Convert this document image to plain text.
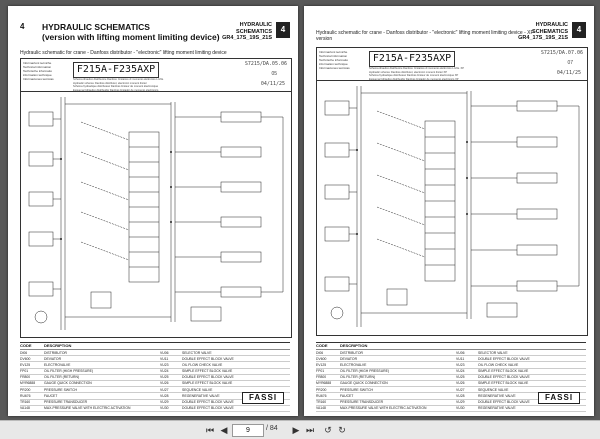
4 HYDRAULIC SCHEMATICS
(version with lifting moment limiting device)
HYDRAULIC
SCHEMATICS
GR4_17S_19S_21S
4
Hydraulic schematic for crane - Danfoss distributor - "electronic" lifting moment limiting device
Informazioni tecniche
Technical information
Technische informatio
information technique
Informaciones tecnicas
F215A-F235AXP
Schema idraulico distributore Danfoss: limitatore di momento elettronico L.M.E.
Hydraulic schema: Danfoss distributor, electronic moment limiter
Schéma hydraulique distributeur Danfoss limiteur de moment électronique
Esquema hidráulico distribuidor Danfoss limitador de momento electrónico
S7215/DA.05.06
05
04/11/25
CODE	DESCRIPTION
DI06	DISTRIBUTOR	VU06	SELECTOR VALVE
DV600	DEVIATOR	VU11	DOUBLE EFFECT BLOCK VALVE
EV125	ELECTROVALVE	VU23	OIL FLOW CHECK VALVE
FP01	OIL FILTER (HIGH PRESSURE)	VU24	SIMPLE EFFECT BLOCK VALVE
FR800	OIL FILTER (RETURN)	VU25	DOUBLE EFFECT BLOCK VALVE
MYR6888	GAUGE QUICK CONNECTION	VU26	SIMPLE EFFECT BLOCK VALVE
PR200	PRESSURE SWITCH	VU27	SEQUENCE VALVE
RU676	FAUCET	VU28	REGENERATIVE VALVE
TR160	PRESSURE TRANSDUCER	VU29	DOUBLE EFFECT BLOCK VALVE
VA148	MAX-PRESSURE VALVE WITH ELECTRIC ACTIVATION	VU30	DOUBLE EFFECT BLOCK VALVE
FASSI
HYDRAULIC
SCHEMATICS
GR4_17S_19S_21S
4
Hydraulic schematic for crane - Danfoss distributor - "electronic" lifting moment limiting device - XP version
Informazioni tecniche
Technical information
Technische informatio
information technique
Informaciones tecnicas
F215A-F235AXP
Schema idraulico distributore Danfoss: limitatore di momento elettronico L.M.E. XP
Hydraulic schema: Danfoss distributor, electronic moment limiter XP
Schéma hydraulique distributeur Danfoss limiteur de moment électronique XP
Esquema hidráulico distribuidor Danfoss limitador de momento electrónico XP
S7215/DA.07.06
07
04/11/25
CODE	DESCRIPTION
DI06	DISTRIBUTOR	VU06	SELECTOR VALVE
DV600	DEVIATOR	VU11	DOUBLE EFFECT BLOCK VALVE
EV125	ELECTROVALVE	VU23	OIL FLOW CHECK VALVE
FP01	OIL FILTER (HIGH PRESSURE)	VU24	SIMPLE EFFECT BLOCK VALVE
FR800	OIL FILTER (RETURN)	VU25	DOUBLE EFFECT BLOCK VALVE
MYR6888	GAUGE QUICK CONNECTION	VU26	SIMPLE EFFECT BLOCK VALVE
PR200	PRESSURE SWITCH	VU27	SEQUENCE VALVE
RU676	FAUCET	VU28	REGENERATIVE VALVE
TR160	PRESSURE TRANSDUCER	VU29	DOUBLE EFFECT BLOCK VALVE
VA148	MAX-PRESSURE VALVE WITH ELECTRIC ACTIVATION	VU30	REGENERATIVE VALVE
FASSI
⏮ ◀	9	/ 84 ▶ ⏭ ↺ ↻
